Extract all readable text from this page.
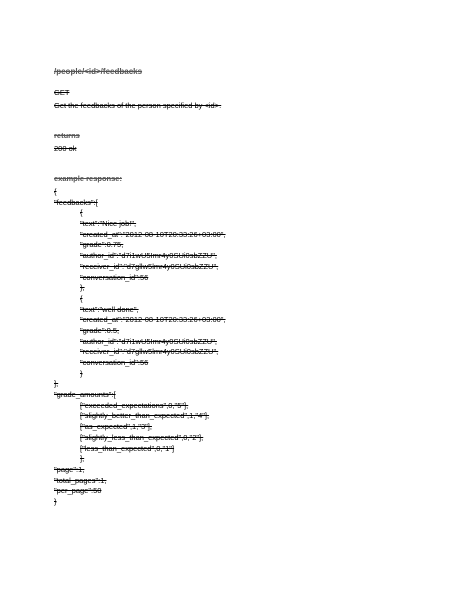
/people/<id>/feedbacks
GET
Get the feedbacks of the person specified by <id>.
returns
200 ok
example response:
{
"feedbacks":[
{
"text":"Nice job!",
"created_at":"2012-08-10T20:33:26+03:00",
"grade":0.75,
"author_id":"d7i1wU5Imr4y0SUi0sbZZU",
"receiver_id":"d7gllw5lmr4y0SUi0sbZZU",
"conversation_id":56
},
{
"text":"well done",
"created_at":"2012-08-10T20:33:26+03:00",
"grade":0.5,
"author_id":"d7i1wU5Imr4y0SUi0sbZZU",
"receiver_id":"d7gllw5lmr4y0SUi0sbZZU",
"conversation_id":56
}
],
"grade_amounts":[
["exceeded_expectations",0,"5"],
["slightly_better_than_expected",1,"4"],
["as_expected",1,"3"],
["slightly_less_than_expected",0,"2"],
["less_than_expected",0,"1"]
],
"page":1,
"total_pages":1,
"per_page":50
}
